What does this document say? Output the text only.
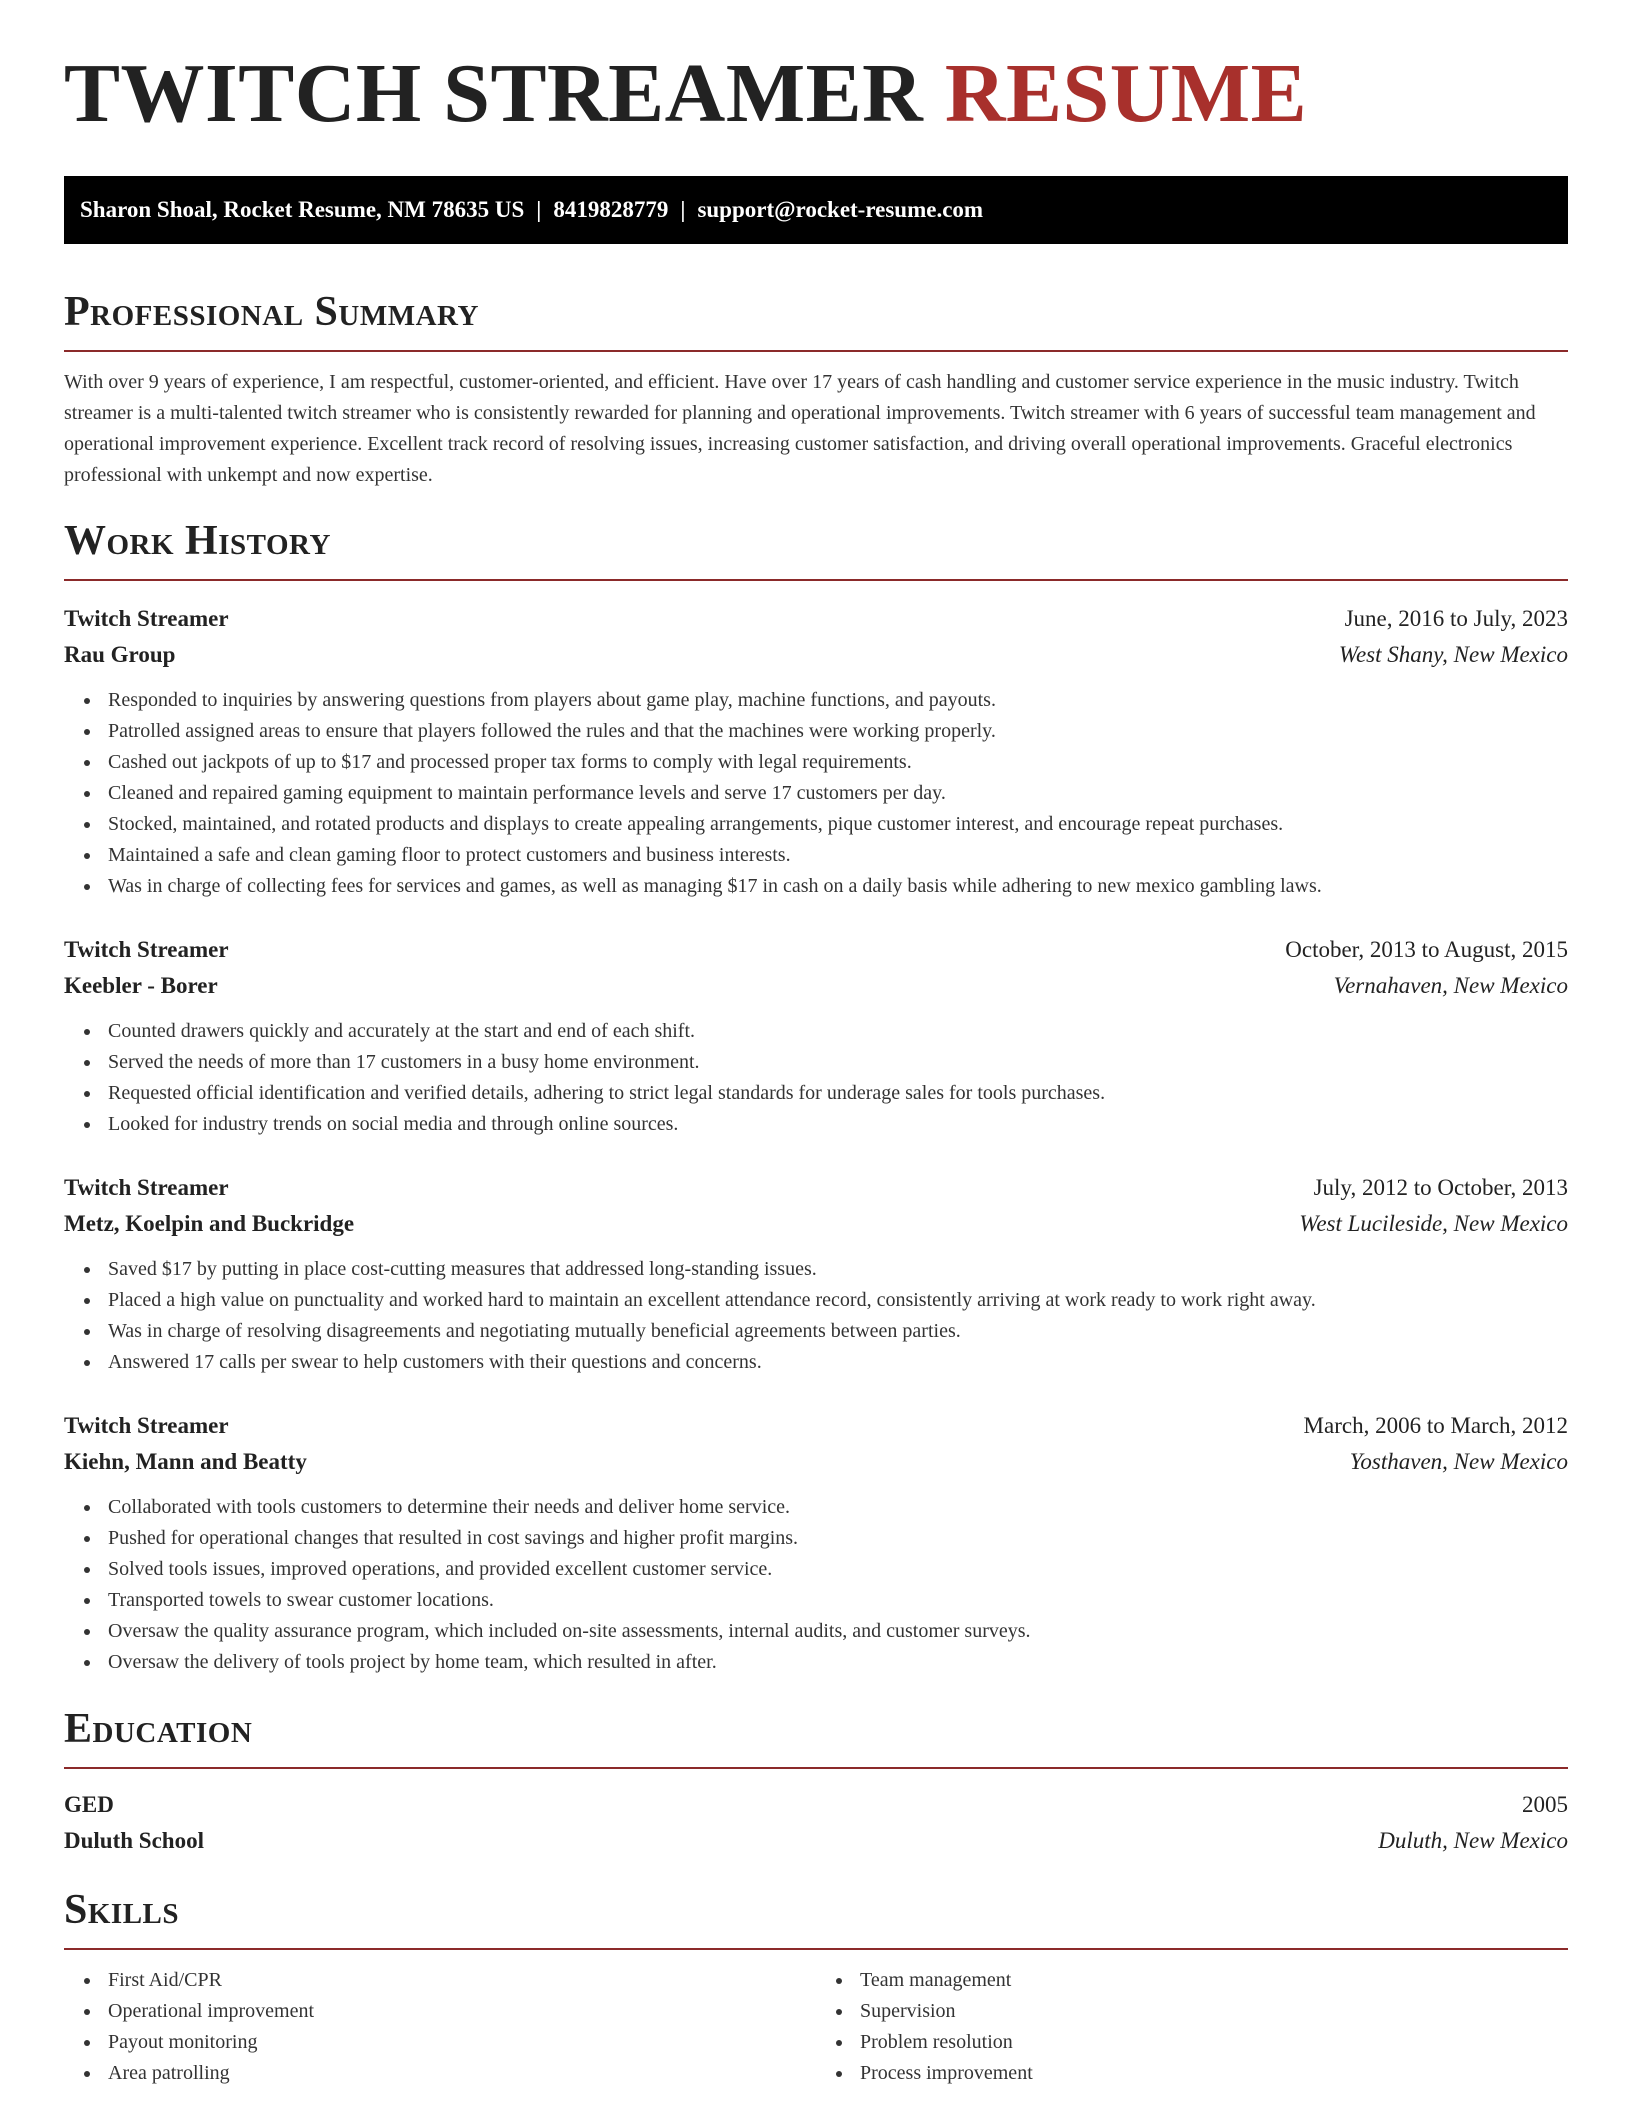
TWITCH STREAMER RESUME
Sharon Shoal, Rocket Resume, NM 78635 US | 8419828779 | support@rocket-resume.com
Professional Summary

With over 9 years of experience, I am respectful, customer-oriented, and efficient. Have over 17 years of cash handling and customer service experience in the music industry. Twitch streamer is a multi-talented twitch streamer who is consistently rewarded for planning and operational improvements. Twitch streamer with 6 years of successful team management and operational improvement experience. Excellent track record of resolving issues, increasing customer satisfaction, and driving overall operational improvements. Graceful electronics professional with unkempt and now expertise.

Work History
Twitch Streamer	June, 2016 to July, 2023
Rau Group	West Shany, New Mexico
Responded to inquiries by answering questions from players about game play, machine functions, and payouts.
Patrolled assigned areas to ensure that players followed the rules and that the machines were working properly.
Cashed out jackpots of up to $17 and processed proper tax forms to comply with legal requirements.
Cleaned and repaired gaming equipment to maintain performance levels and serve 17 customers per day.
Stocked, maintained, and rotated products and displays to create appealing arrangements, pique customer interest, and encourage repeat purchases.
Maintained a safe and clean gaming floor to protect customers and business interests.
Was in charge of collecting fees for services and games, as well as managing $17 in cash on a daily basis while adhering to new mexico gambling laws.
Twitch Streamer	October, 2013 to August, 2015
Keebler - Borer	Vernahaven, New Mexico
Counted drawers quickly and accurately at the start and end of each shift.
Served the needs of more than 17 customers in a busy home environment.
Requested official identification and verified details, adhering to strict legal standards for underage sales for tools purchases.
Looked for industry trends on social media and through online sources.
Twitch Streamer	July, 2012 to October, 2013
Metz, Koelpin and Buckridge	West Lucileside, New Mexico
Saved $17 by putting in place cost-cutting measures that addressed long-standing issues.
Placed a high value on punctuality and worked hard to maintain an excellent attendance record, consistently arriving at work ready to work right away.
Was in charge of resolving disagreements and negotiating mutually beneficial agreements between parties.
Answered 17 calls per swear to help customers with their questions and concerns.
Twitch Streamer	March, 2006 to March, 2012
Kiehn, Mann and Beatty	Yosthaven, New Mexico
Collaborated with tools customers to determine their needs and deliver home service.
Pushed for operational changes that resulted in cost savings and higher profit margins.
Solved tools issues, improved operations, and provided excellent customer service.
Transported towels to swear customer locations.
Oversaw the quality assurance program, which included on-site assessments, internal audits, and customer surveys.
Oversaw the delivery of tools project by home team, which resulted in after.
Education
GED	2005
Duluth School	Duluth, New Mexico
Skills
First Aid/CPR
Operational improvement
Payout monitoring
Area patrolling
Team management
Supervision
Problem resolution
Process improvement
